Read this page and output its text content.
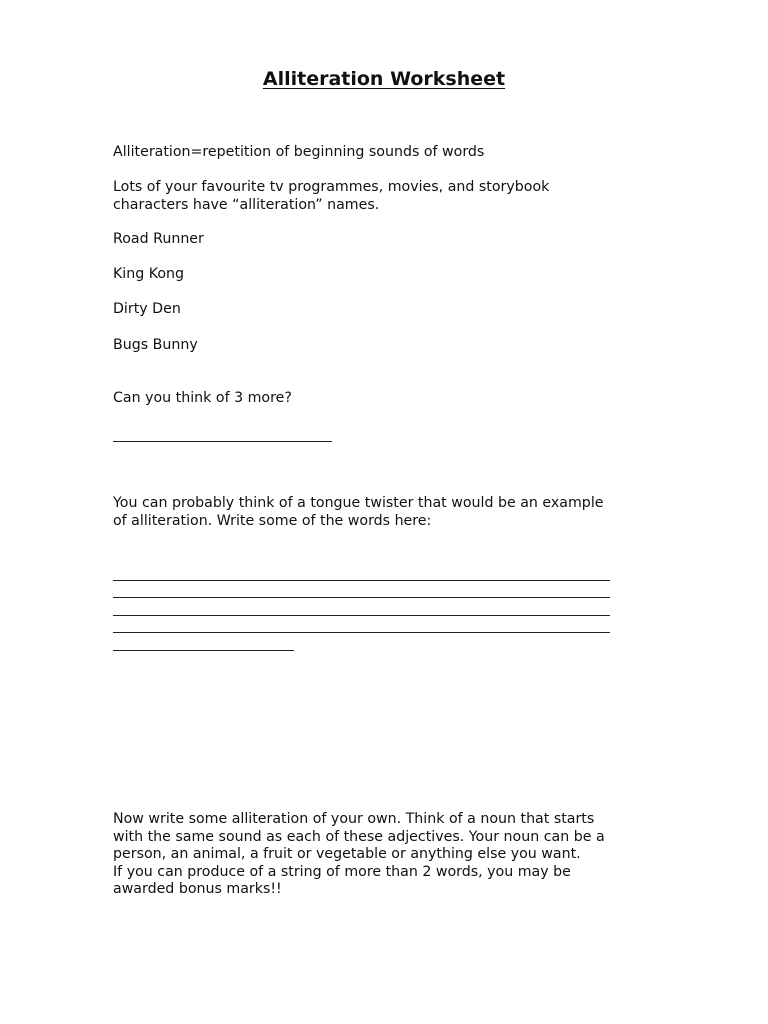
Alliteration Worksheet
Alliteration=repetition of beginning sounds of words
Lots of your favourite tv programmes, movies, and storybook
characters have “alliteration” names.
Road Runner
King Kong
Dirty Den
Bugs Bunny
Can you think of 3 more?
You can probably think of a tongue twister that would be an example
of alliteration. Write some of the words here:
Now write some alliteration of your own. Think of a noun that starts
with the same sound as each of these adjectives. Your noun can be a
person, an animal, a fruit or vegetable or anything else you want.
If you can produce of a string of more than 2 words, you may be
awarded bonus marks!!
